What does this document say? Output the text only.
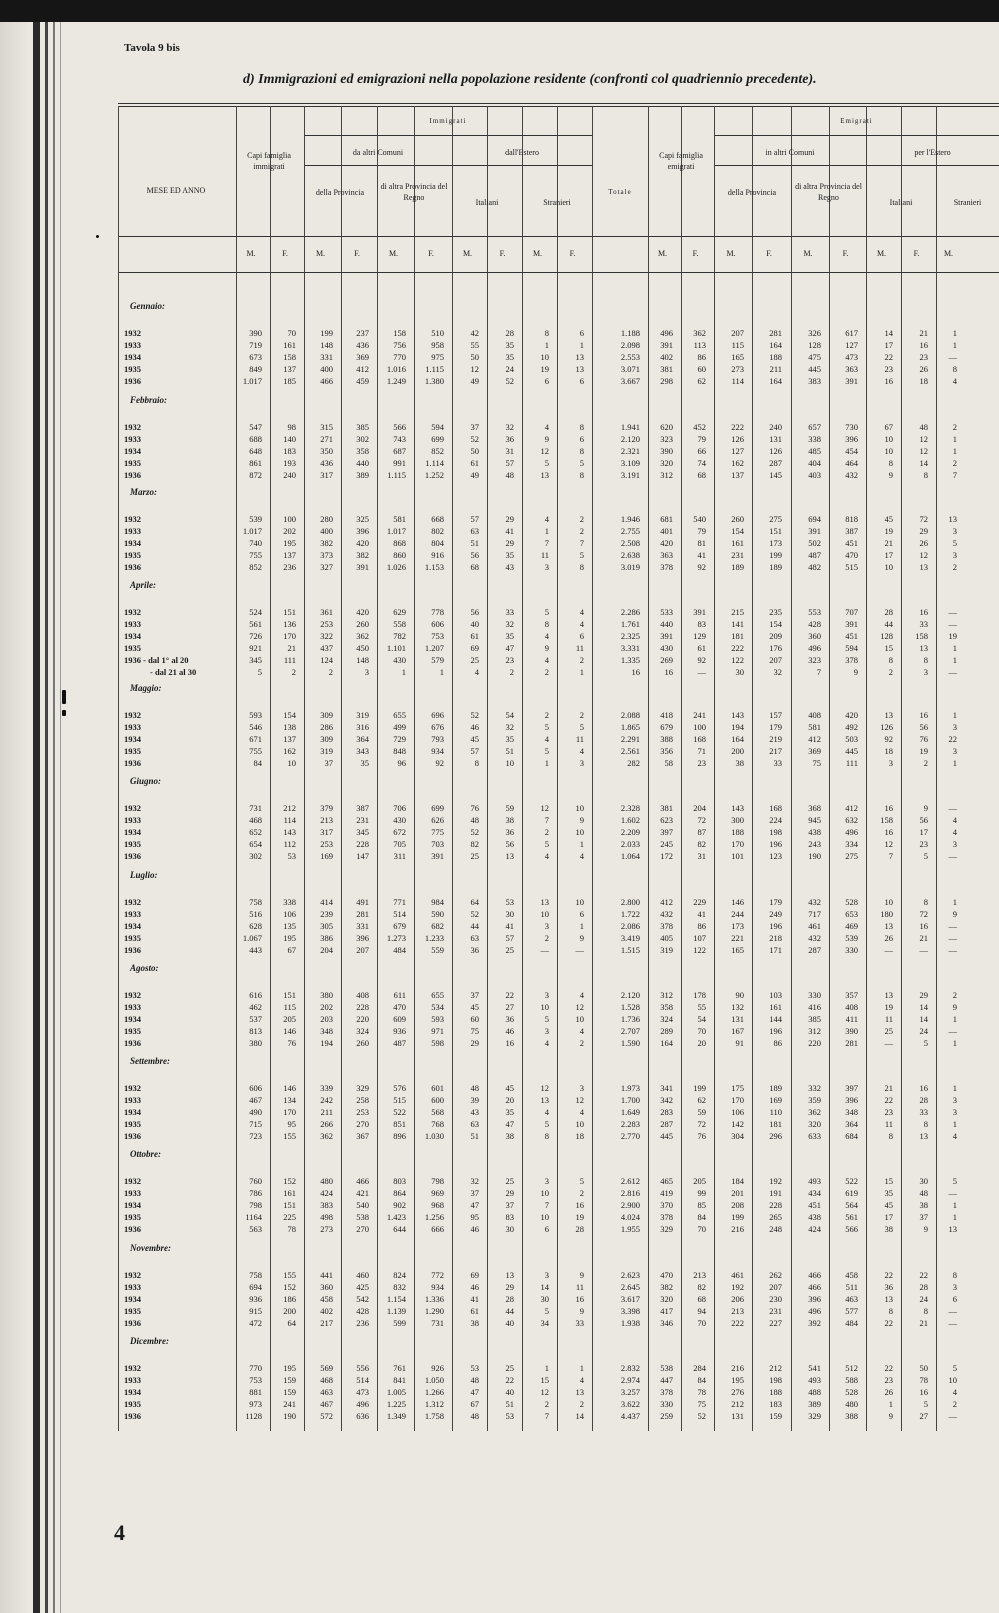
Tavola 9 bis
d) Immigrazioni ed emigrazioni nella popolazione residente (confronti col quadriennio precedente).
MESE ED ANNO
Immigrati	Emigrati
Capi famiglia immigrati
Capi famiglia emigrati
da altri Comuni	dall'Estero	in altri Comuni	per l'Estero
della Provincia
di altra Provincia del Regno
Italiani	Stranieri
Totale	della Provincia
di altra Provincia del Regno
Italiani	Stranieri
M.	F.	M.	F.	M.	F.	M.	F.	M.	F.	M.	F.	M.	F.	M.	F.	M.	F.	M.
Gennaio:
1932	390	70	199	237	158	510	42	28	8	6	1.188	496	362	207	281	326	617	14	21	1
1933	719	161	148	436	756	958	55	35	1	1	2.098	391	113	115	164	128	127	17	16	1
1934	673	158	331	369	770	975	50	35	10	13	2.553	402	86	165	188	475	473	22	23	—
1935	849	137	400	412	1.016	1.115	12	24	19	13	3.071	381	60	273	211	445	363	23	26	8
1936	1.017	185	466	459	1.249	1.380	49	52	6	6	3.667	298	62	114	164	383	391	16	18	4
Febbraio:
1932	547	98	315	385	566	594	37	32	4	8	1.941	620	452	222	240	657	730	67	48	2
1933	688	140	271	302	743	699	52	36	9	6	2.120	323	79	126	131	338	396	10	12	1
1934	648	183	350	358	687	852	50	31	12	8	2.321	390	66	127	126	485	454	10	12	1
1935	861	193	436	440	991	1.114	61	57	5	5	3.109	320	74	162	287	404	464	8	14	2
1936	872	240	317	389	1.115	1.252	49	48	13	8	3.191	312	68	137	145	403	432	9	8	7
Marzo:
1932	539	100	280	325	581	668	57	29	4	2	1.946	681	540	260	275	694	818	45	72	13
1933	1.017	202	400	396	1.017	802	63	41	1	2	2.755	401	79	154	151	391	387	19	29	3
1934	740	195	382	420	868	804	51	29	7	7	2.508	420	81	161	173	502	451	21	26	5
1935	755	137	373	382	860	916	56	35	11	5	2.638	363	41	231	199	487	470	17	12	3
1936	852	236	327	391	1.026	1.153	68	43	3	8	3.019	378	92	189	189	482	515	10	13	2
Aprile:
1932	524	151	361	420	629	778	56	33	5	4	2.286	533	391	215	235	553	707	28	16	—
1933	561	136	253	260	558	606	40	32	8	4	1.761	440	83	141	154	428	391	44	33	—
1934	726	170	322	362	782	753	61	35	4	6	2.325	391	129	181	209	360	451	128	158	19
1935	921	21	437	450	1.101	1.207	69	47	9	11	3.331	430	61	222	176	496	594	15	13	1
1936 - dal 1° al 20	345	111	124	148	430	579	25	23	4	2	1.335	269	92	122	207	323	378	8	8	1
- dal 21 al 30	5	2	2	3	1	1	4	2	2	1	16	16	—	30	32	7	9	2	3	—
Maggio:
1932	593	154	309	319	655	696	52	54	2	2	2.088	418	241	143	157	408	420	13	16	1
1933	546	138	286	316	499	676	46	32	5	5	1.865	679	100	194	179	581	492	126	56	3
1934	671	137	309	364	729	793	45	35	4	11	2.291	388	168	164	219	412	503	92	76	22
1935	755	162	319	343	848	934	57	51	5	4	2.561	356	71	200	217	369	445	18	19	3
1936	84	10	37	35	96	92	8	10	1	3	282	58	23	38	33	75	111	3	2	1
Giugno:
1932	731	212	379	387	706	699	76	59	12	10	2.328	381	204	143	168	368	412	16	9	—
1933	468	114	213	231	430	626	48	38	7	9	1.602	623	72	300	224	945	632	158	56	4
1934	652	143	317	345	672	775	52	36	2	10	2.209	397	87	188	198	438	496	16	17	4
1935	654	112	253	228	705	703	82	56	5	1	2.033	245	82	170	196	243	334	12	23	3
1936	302	53	169	147	311	391	25	13	4	4	1.064	172	31	101	123	190	275	7	5	—
Luglio:
1932	758	338	414	491	771	984	64	53	13	10	2.800	412	229	146	179	432	528	10	8	1
1933	516	106	239	281	514	590	52	30	10	6	1.722	432	41	244	249	717	653	180	72	9
1934	628	135	305	331	679	682	44	41	3	1	2.086	378	86	173	196	461	469	13	16	—
1935	1.067	195	386	396	1.273	1.233	63	57	2	9	3.419	405	107	221	218	432	539	26	21	—
1936	443	67	204	207	484	559	36	25	—	—	1.515	319	122	165	171	287	330	—	—	—
Agosto:
1932	616	151	380	408	611	655	37	22	3	4	2.120	312	178	90	103	330	357	13	29	2
1933	462	115	202	228	470	534	45	27	10	12	1.528	358	55	132	161	416	408	19	14	9
1934	537	205	203	220	609	593	60	36	5	10	1.736	324	54	131	144	385	411	11	14	1
1935	813	146	348	324	936	971	75	46	3	4	2.707	289	70	167	196	312	390	25	24	—
1936	380	76	194	260	487	598	29	16	4	2	1.590	164	20	91	86	220	281	—	5	1
Settembre:
1932	606	146	339	329	576	601	48	45	12	3	1.973	341	199	175	189	332	397	21	16	1
1933	467	134	242	258	515	600	39	20	13	12	1.700	342	62	170	169	359	396	22	28	3
1934	490	170	211	253	522	568	43	35	4	4	1.649	283	59	106	110	362	348	23	33	3
1935	715	95	266	270	851	768	63	47	5	10	2.283	287	72	142	181	320	364	11	8	1
1936	723	155	362	367	896	1.030	51	38	8	18	2.770	445	76	304	296	633	684	8	13	4
Ottobre:
1932	760	152	480	466	803	798	32	25	3	5	2.612	465	205	184	192	493	522	15	30	5
1933	786	161	424	421	864	969	37	29	10	2	2.816	419	99	201	191	434	619	35	48	—
1934	798	151	383	540	902	968	47	37	7	16	2.900	370	85	208	228	451	564	45	38	1
1935	1164	225	498	538	1.423	1.256	95	83	10	19	4.024	378	84	199	265	438	561	17	37	1
1936	563	78	273	270	644	666	46	30	6	28	1.955	329	70	216	248	424	566	38	9	13
Novembre:
1932	758	155	441	460	824	772	69	13	3	9	2.623	470	213	461	262	466	458	22	22	8
1933	694	152	360	425	832	934	46	29	14	11	2.645	382	82	192	207	466	511	36	28	3
1934	936	186	458	542	1.154	1.336	41	28	30	16	3.617	320	68	206	230	396	463	13	24	6
1935	915	200	402	428	1.139	1.290	61	44	5	9	3.398	417	94	213	231	496	577	8	8	—
1936	472	64	217	236	599	731	38	40	34	33	1.938	346	70	222	227	392	484	22	21	—
Dicembre:
1932	770	195	569	556	761	926	53	25	1	1	2.832	538	284	216	212	541	512	22	50	5
1933	753	159	468	514	841	1.050	48	22	15	4	2.974	447	84	195	198	493	588	23	78	10
1934	881	159	463	473	1.005	1.266	47	40	12	13	3.257	378	78	276	188	488	528	26	16	4
1935	973	241	467	496	1.225	1.312	67	51	2	2	3.622	330	75	212	183	389	480	1	5	2
1936	1128	190	572	636	1.349	1.758	48	53	7	14	4.437	259	52	131	159	329	388	9	27	—
4
